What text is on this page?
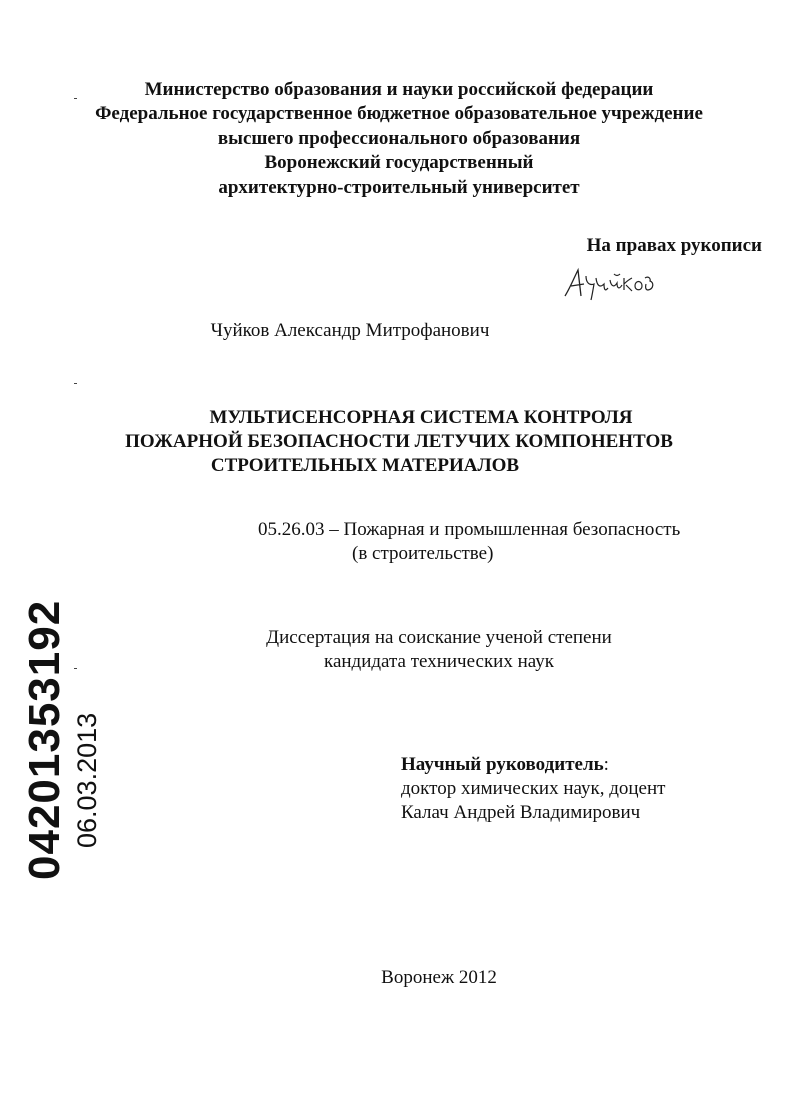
Министерство образования и науки российской федерации
Федеральное государственное бюджетное образовательное учреждение
высшего профессионального образования
Воронежский государственный
архитектурно-строительный университет
На правах рукописи
Чуйков Александр Митрофанович
МУЛЬТИСЕНСОРНАЯ СИСТЕМА КОНТРОЛЯ
ПОЖАРНОЙ БЕЗОПАСНОСТИ ЛЕТУЧИХ КОМПОНЕНТОВ
СТРОИТЕЛЬНЫХ МАТЕРИАЛОВ
05.26.03 – Пожарная и промышленная безопасность
(в строительстве)
Диссертация на соискание ученой степени
кандидата технических наук
Научный руководитель:
доктор химических наук, доцент
Калач Андрей Владимирович
Воронеж 2012
04201353192 06.03.2013
